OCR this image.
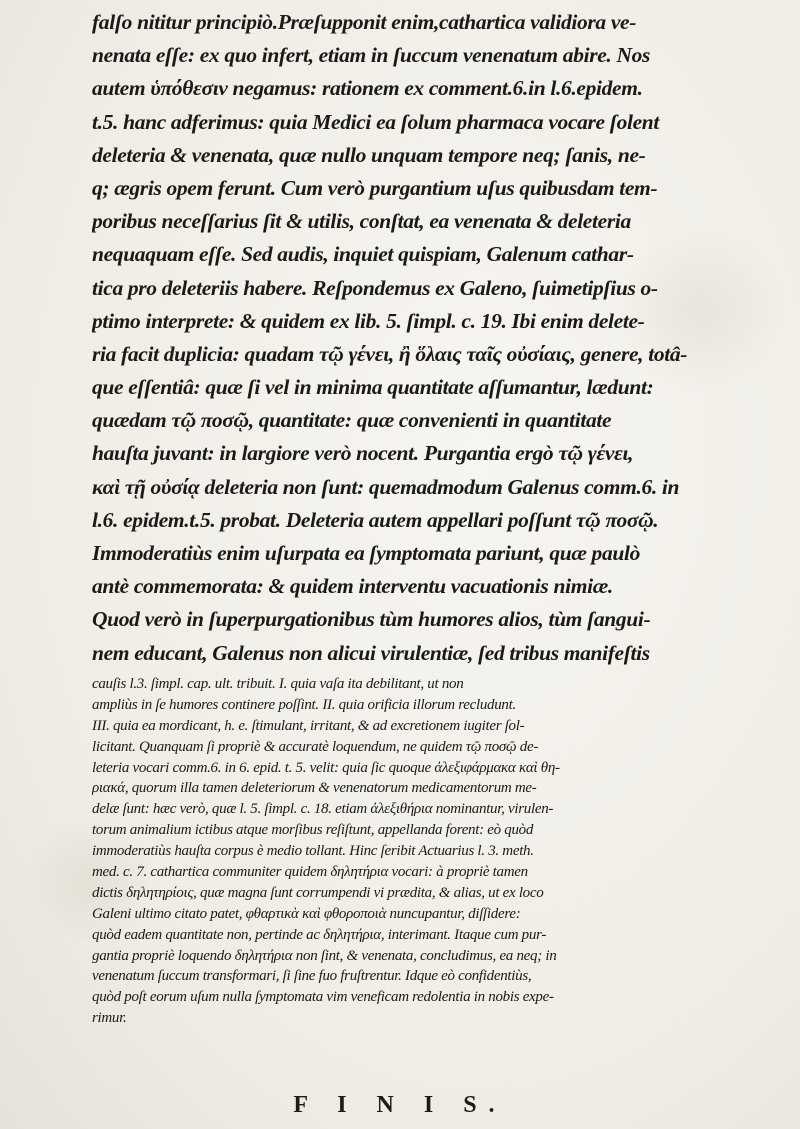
falſo nititur principiò.Præſupponit enim,cathartica validiora ve-
nenata eſſe: ex quo infert, etiam in ſuccum venenatum abire. Nos
autem ὑπόθεσιν negamus: rationem ex comment.6.in l.6.epidem.
t.5. hanc adferimus: quia Medici ea ſolum pharmaca vocare ſolent
deleteria & venenata, quæ nullo unquam tempore neq; ſanis, ne-
q; ægris opem ferunt. Cum verò purgantium uſus quibusdam tem-
poribus neceſſarius ſit & utilis, conſtat, ea venenata & deleteria
nequaquam eſſe. Sed audis, inquiet quispiam, Galenum cathar-
tica pro deleteriis habere. Reſpondemus ex Galeno, ſuimetipſius o-
ptimo interprete: & quidem ex lib. 5. ſimpl. c. 19. Ibi enim delete-
ria facit duplicia: quadam τῷ γένει, ἢ ὅλαις ταῖς οὐσίαις, genere, totâ-
que eſſentiâ: quæ ſi vel in minima quantitate aſſumantur, lædunt:
quædam τῷ ποσῷ, quantitate: quæ convenienti in quantitate
hauſta juvant: in largiore verò nocent. Purgantia ergò τῷ γένει,
καὶ τῇ οὐσίᾳ deleteria non ſunt: quemadmodum Galenus comm.6. in
l.6. epidem.t.5. probat. Deleteria autem appellari poſſunt τῷ ποσῷ.
Immoderatiùs enim uſurpata ea ſymptomata pariunt, quæ paulò
antè commemorata: & quidem interventu vacuationis nimiæ.
Quod verò in ſuperpurgationibus tùm humores alios, tùm ſangui-
nem educant, Galenus non alicui virulentiæ, ſed tribus manifeſtis
cauſis l.3. ſimpl. cap. ult. tribuit. I. quia vaſa ita debilitant, ut non
ampliùs in ſe humores continere poſſint. II. quia orificia illorum recludunt.
III. quia ea mordicant, h. e. ſtimulant, irritant, & ad excretionem iugiter ſol-
licitant. Quanquam ſi propriè & accuratè loquendum, ne quidem τῷ ποσῷ de-
leteria vocari comm.6. in 6. epid. t. 5. velit: quia ſic quoque ἀλεξιφάρμακα καὶ θη-
ριακά, quorum illa tamen deleteriorum & venenatorum medicamentorum me-
delæ ſunt: hæc verò, quæ l. 5. ſimpl. c. 18. etiam ἀλεξιθήρια nominantur, virulen-
torum animalium ictibus atque morſibus reſiſtunt, appellanda forent: eò quòd
immoderatiùs hauſta corpus è medio tollant. Hinc ſeribit Actuarius l. 3. meth.
med. c. 7. cathartica communiter quidem δηλητήρια vocari: à propriè tamen
dictis δηλητηρίοις, quæ magna ſunt corrumpendi vi prædita, & alias, ut ex loco
Galeni ultimo citato patet, φθαρτικὰ καὶ φθοροποιὰ nuncupantur, diſſidere:
quòd eadem quantitate non, pertinde ac δηλητήρια, interimant. Itaque cum pur-
gantia propriè loquendo δηλητήρια non ſint, & venenata, concludimus, ea neq; in
venenatum ſuccum transformari, ſi ſine fuo fruſtrentur. Idque eò confidentiùs,
quòd poſt eorum uſum nulla ſymptomata vim veneficam redolentia in nobis expe-
rimur.
F I N I S.
